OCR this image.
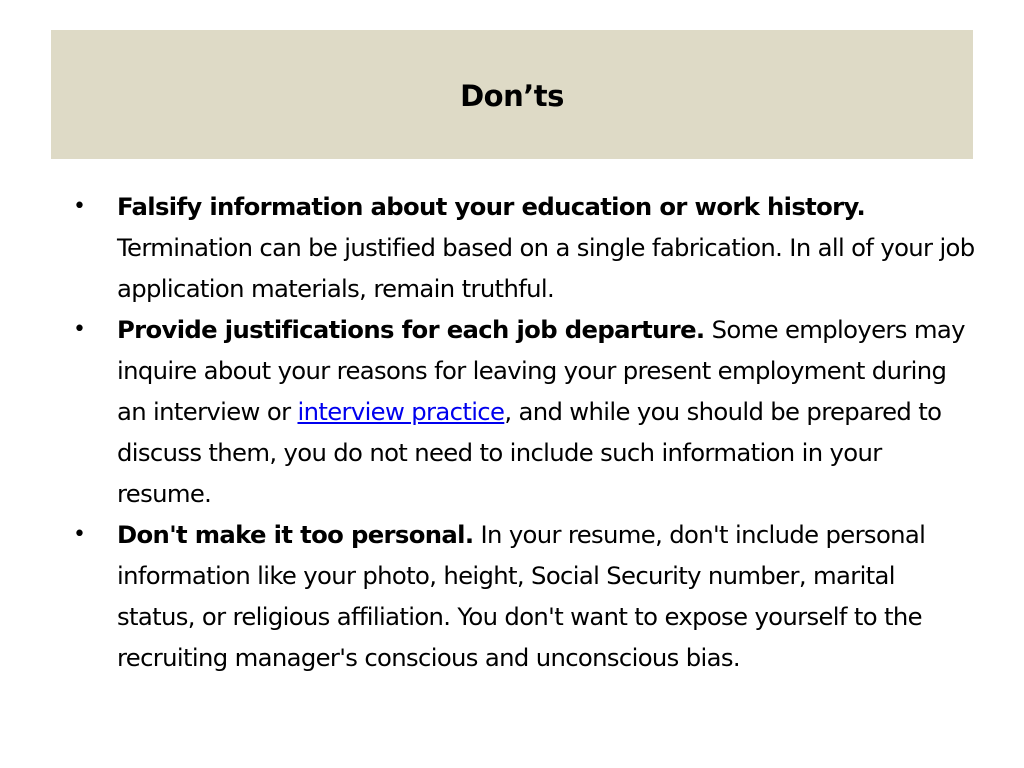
Don’ts
• Falsify information about your education or work history. Termination can be justified based on a single fabrication. In all of your job application materials, remain truthful.
• Provide justifications for each job departure. Some employers may inquire about your reasons for leaving your present employment during an interview or interview practice, and while you should be prepared to discuss them, you do not need to include such information in your resume.
• Don't make it too personal. In your resume, don't include personal information like your photo, height, Social Security number, marital status, or religious affiliation. You don't want to expose yourself to the recruiting manager's conscious and unconscious bias.
